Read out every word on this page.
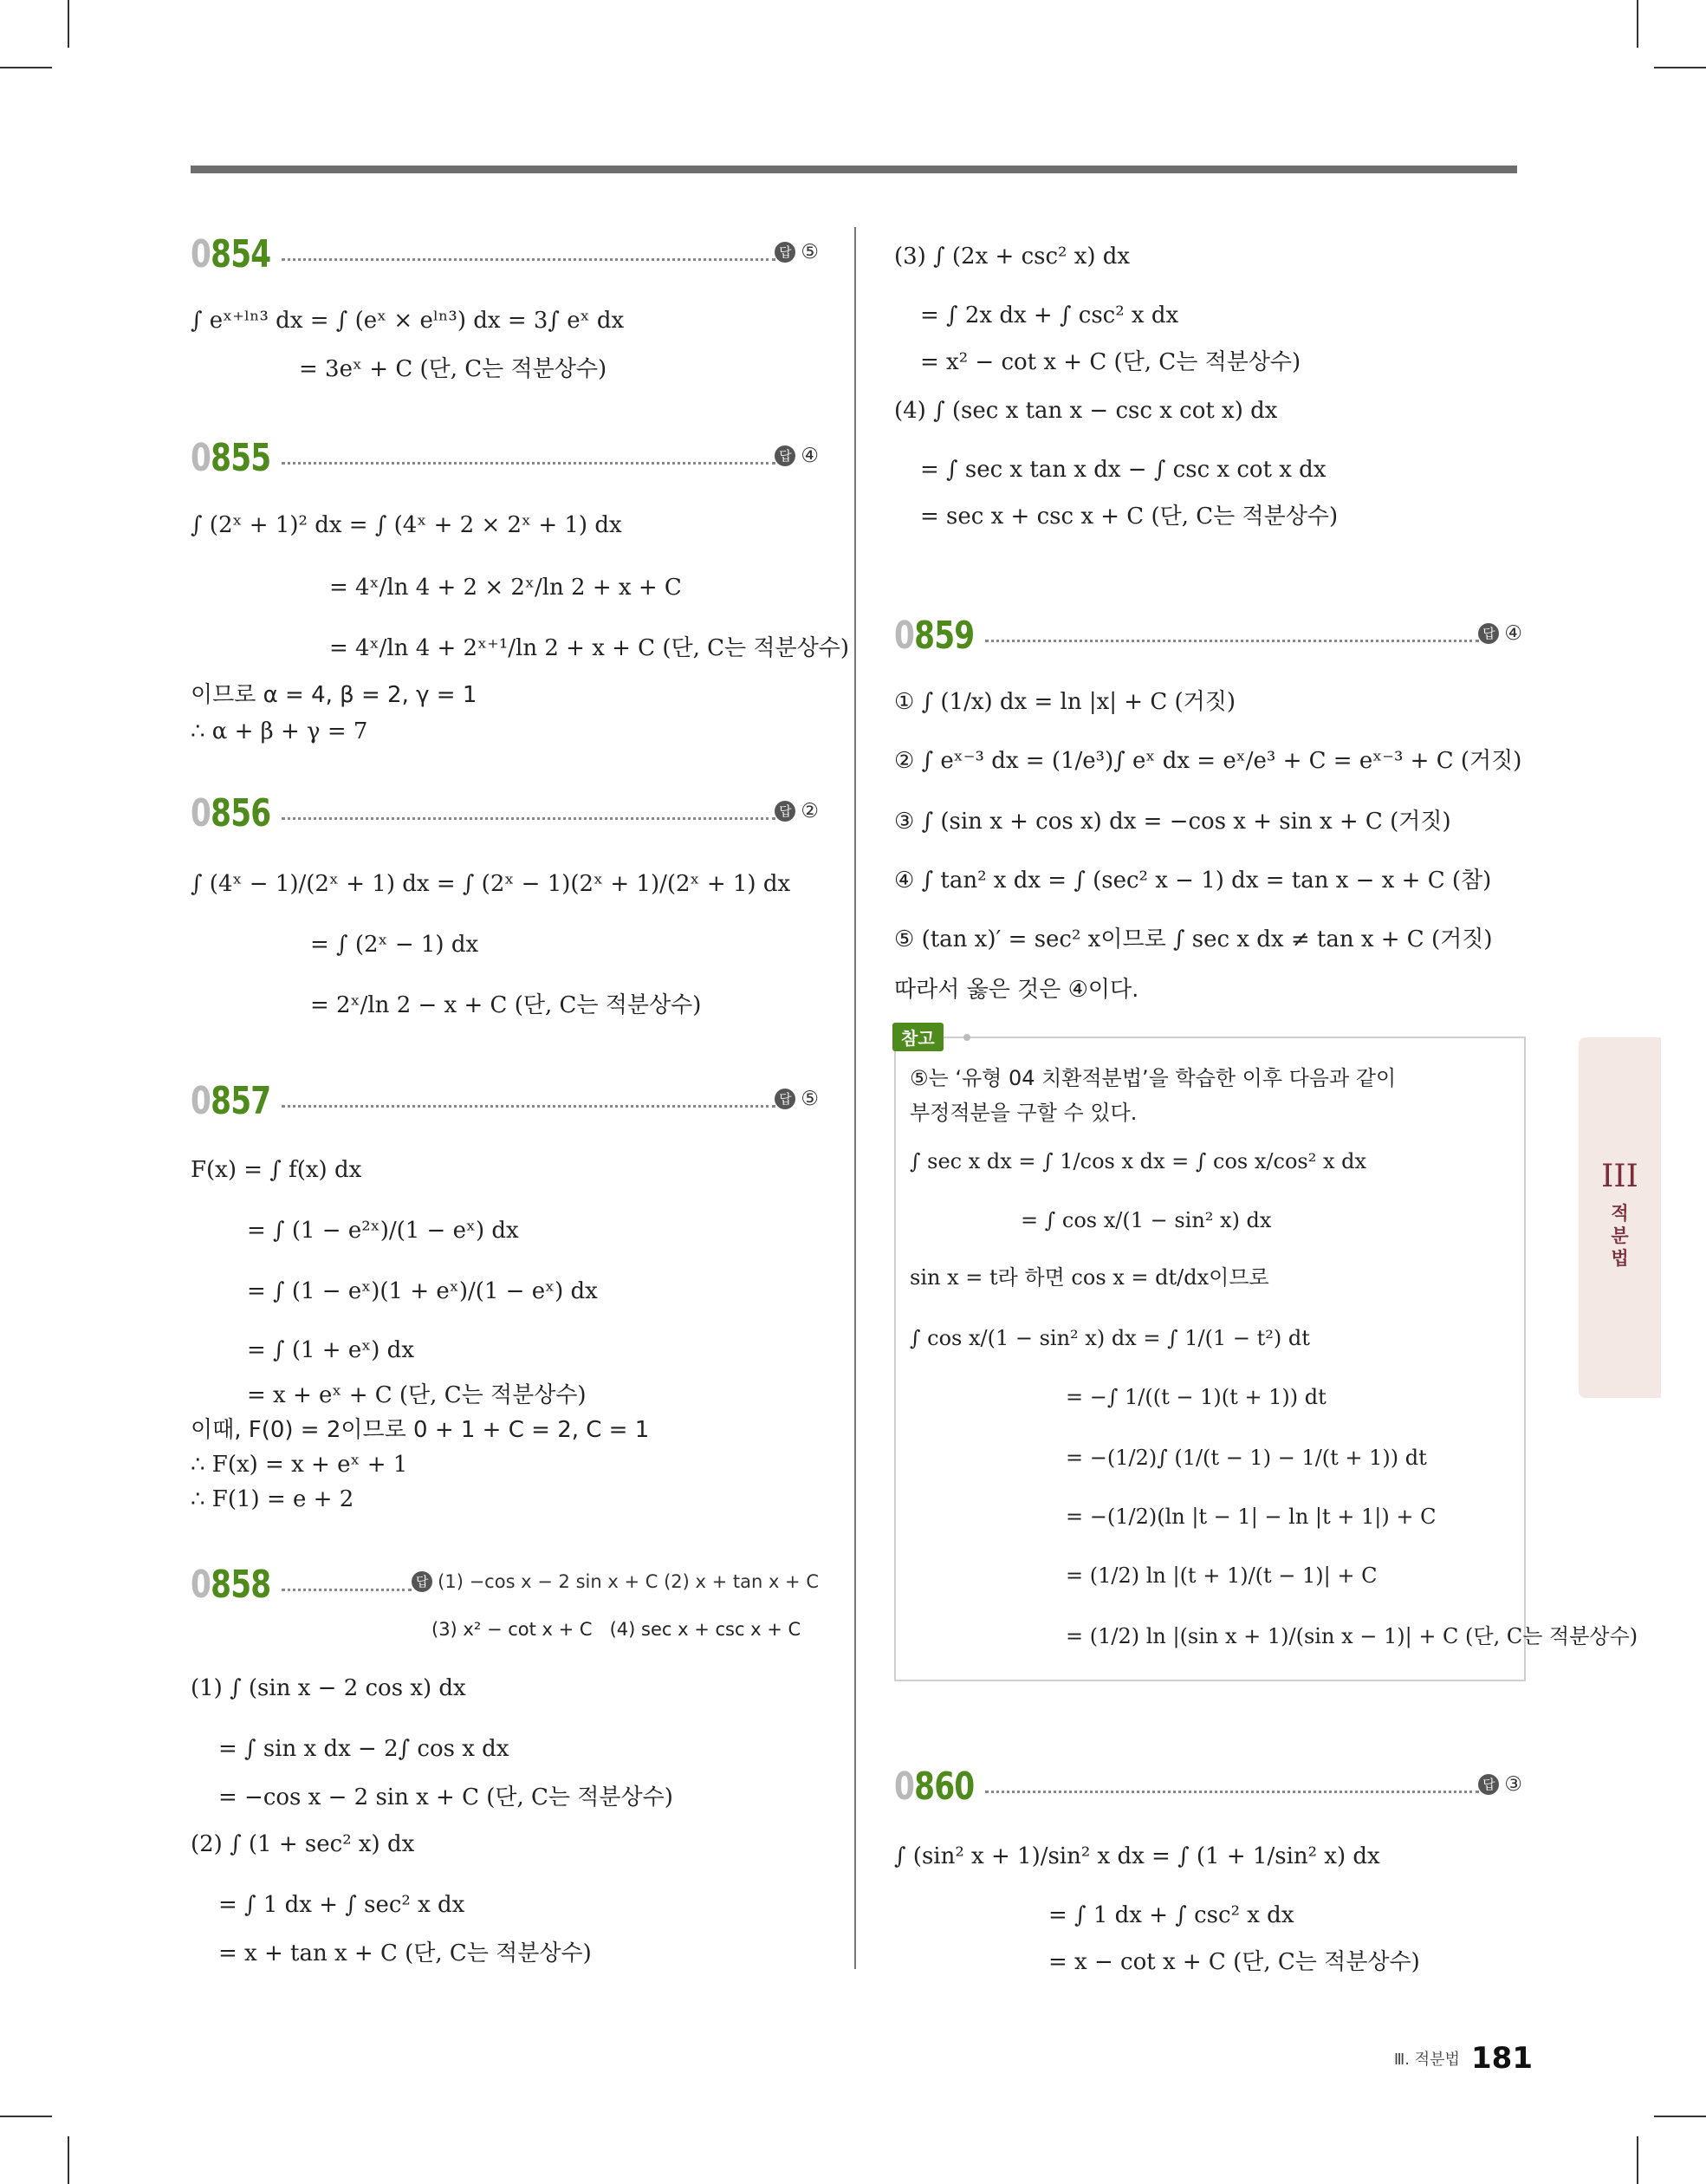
0854	답 ⑤
∫ eˣ⁺ˡⁿ³ dx = ∫ (eˣ × eˡⁿ³) dx = 3∫ eˣ dx
= 3eˣ + C (단, C는 적분상수)
0855	답 ④
∫ (2ˣ + 1)² dx = ∫ (4ˣ + 2 × 2ˣ + 1) dx
= 4ˣ/ln 4 + 2 × 2ˣ/ln 2 + x + C
= 4ˣ/ln 4 + 2ˣ⁺¹/ln 2 + x + C (단, C는 적분상수)
이므로 α = 4, β = 2, γ = 1
∴ α + β + γ = 7
0856	답 ②
∫ (4ˣ − 1)/(2ˣ + 1) dx = ∫ (2ˣ − 1)(2ˣ + 1)/(2ˣ + 1) dx
= ∫ (2ˣ − 1) dx
= 2ˣ/ln 2 − x + C (단, C는 적분상수)
0857	답 ⑤
F(x) = ∫ f(x) dx
= ∫ (1 − e²ˣ)/(1 − eˣ) dx
= ∫ (1 − eˣ)(1 + eˣ)/(1 − eˣ) dx
= ∫ (1 + eˣ) dx
= x + eˣ + C (단, C는 적분상수)
이때, F(0) = 2이므로 0 + 1 + C = 2, C = 1
∴ F(x) = x + eˣ + 1
∴ F(1) = e + 2
0858	답 (1) −cos x − 2 sin x + C (2) x + tan x + C
(3) x² − cot x + C   (4) sec x + csc x + C
(1) ∫ (sin x − 2 cos x) dx
= ∫ sin x dx − 2∫ cos x dx
= −cos x − 2 sin x + C (단, C는 적분상수)
(2) ∫ (1 + sec² x) dx
= ∫ 1 dx + ∫ sec² x dx
= x + tan x + C (단, C는 적분상수)
(3) ∫ (2x + csc² x) dx
= ∫ 2x dx + ∫ csc² x dx
= x² − cot x + C (단, C는 적분상수)
(4) ∫ (sec x tan x − csc x cot x) dx
= ∫ sec x tan x dx − ∫ csc x cot x dx
= sec x + csc x + C (단, C는 적분상수)
0859	답 ④
① ∫ (1/x) dx = ln |x| + C (거짓)
② ∫ eˣ⁻³ dx = (1/e³)∫ eˣ dx = eˣ/e³ + C = eˣ⁻³ + C (거짓)
③ ∫ (sin x + cos x) dx = −cos x + sin x + C (거짓)
④ ∫ tan² x dx = ∫ (sec² x − 1) dx = tan x − x + C (참)
⑤ (tan x)′ = sec² x이므로 ∫ sec x dx ≠ tan x + C (거짓)
따라서 옳은 것은 ④이다.
참고
⑤는 ‘유형 04 치환적분법’을 학습한 이후 다음과 같이
부정적분을 구할 수 있다.
∫ sec x dx = ∫ 1/cos x dx = ∫ cos x/cos² x dx
= ∫ cos x/(1 − sin² x) dx
sin x = t라 하면 cos x = dt/dx이므로
∫ cos x/(1 − sin² x) dx = ∫ 1/(1 − t²) dt
= −∫ 1/((t − 1)(t + 1)) dt
= −(1/2)∫ (1/(t − 1) − 1/(t + 1)) dt
= −(1/2)(ln |t − 1| − ln |t + 1|) + C
= (1/2) ln |(t + 1)/(t − 1)| + C
= (1/2) ln |(sin x + 1)/(sin x − 1)| + C (단, C는 적분상수)
0860	답 ③
∫ (sin² x + 1)/sin² x dx = ∫ (1 + 1/sin² x) dx
= ∫ 1 dx + ∫ csc² x dx
= x − cot x + C (단, C는 적분상수)
III
적
분
법
Ⅲ. 적분법 181
